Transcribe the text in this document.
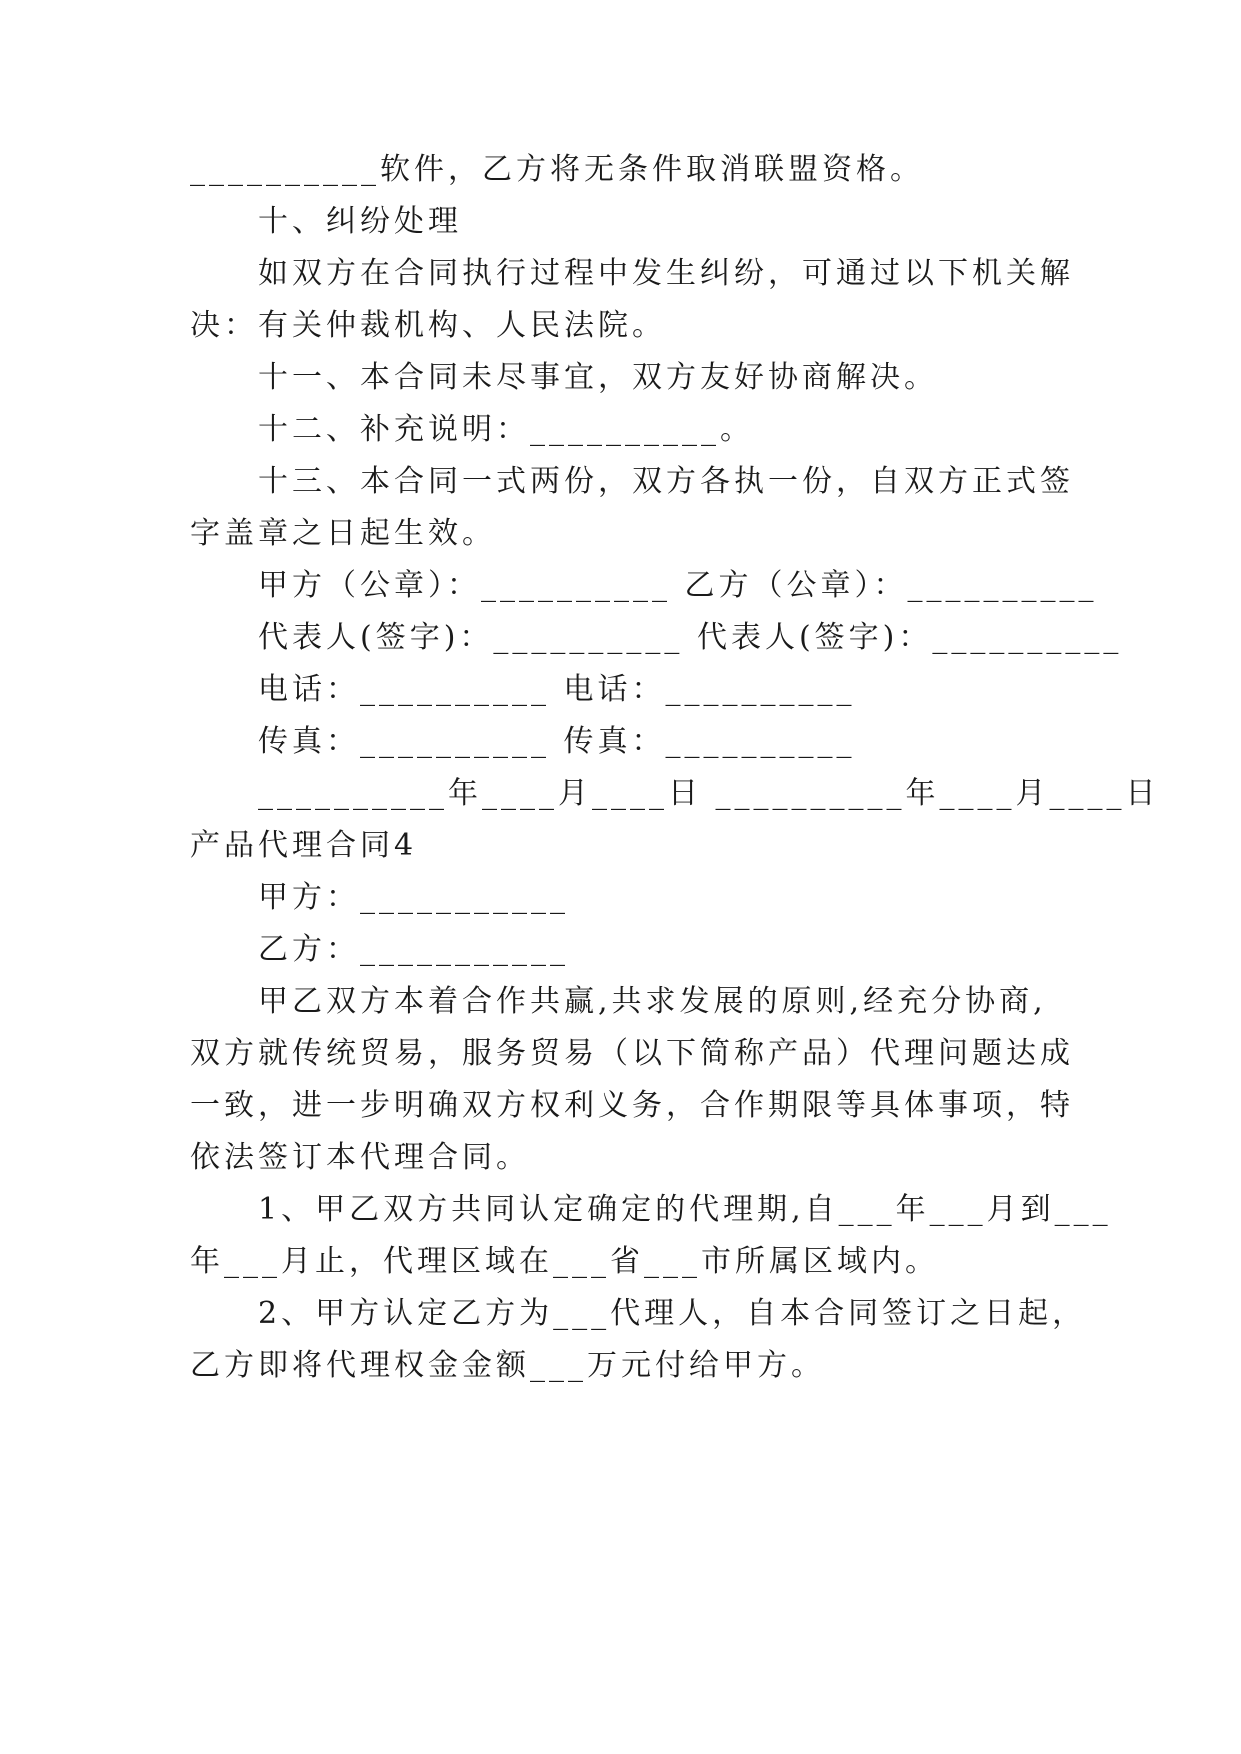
__________软件，乙方将无条件取消联盟资格。
十、纠纷处理
如双方在合同执行过程中发生纠纷，可通过以下机关解
决：有关仲裁机构、人民法院。
十一、本合同未尽事宜，双方友好协商解决。
十二、补充说明：__________。
十三、本合同一式两份，双方各执一份，自双方正式签
字盖章之日起生效。
甲方（公章）：__________ 乙方（公章）：__________
代表人(签字)：__________ 代表人(签字)：__________
电话：__________ 电话：__________
传真：__________ 传真：__________
__________年____月____日 __________年____月____日
产品代理合同4
甲方：___________
乙方：___________
甲乙双方本着合作共赢,共求发展的原则,经充分协商,
双方就传统贸易，服务贸易（以下简称产品）代理问题达成
一致，进一步明确双方权利义务，合作期限等具体事项，特
依法签订本代理合同。
1、甲乙双方共同认定确定的代理期,自___年___月到___
年___月止，代理区域在___省___市所属区域内。
2、甲方认定乙方为___代理人，自本合同签订之日起，
乙方即将代理权金金额___万元付给甲方。
